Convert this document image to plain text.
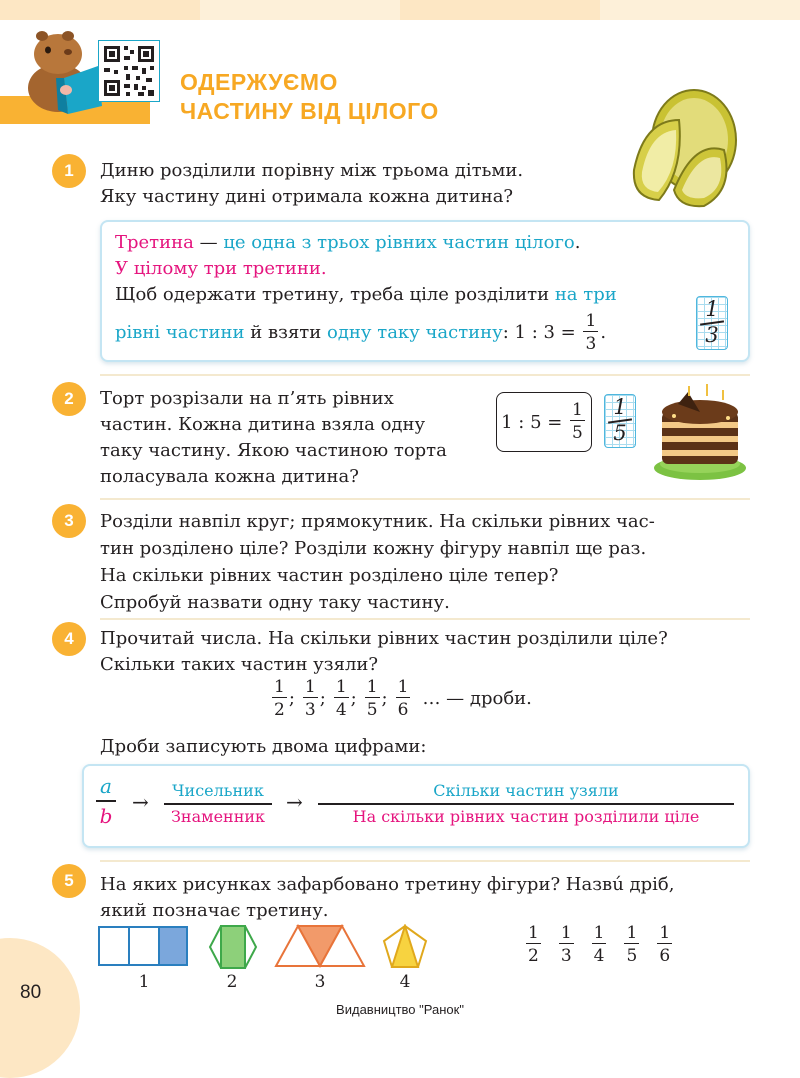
ОДЕРЖУЄМО
ЧАСТИНУ ВІД ЦІЛОГО
1	Диню розділили порівну між трьома дітьми.
Яку частину дині отримала кожна дитина?
Третина — це одна з трьох рівних частин цілого.
У цілому три третини.
Щоб одержати третину, треба ціле розділити на три
рівні частини й взяти одну таку частину : 1 : $3 = \frac{1}{3}$ .
1
3
2	Торт розрізали на п’ять рівних
частин. Кожна дитина взяла одну
таку частину. Якою частиною торта
поласувала кожна дитина?
1 : $5 = \frac{1}{5}$	1
5
3	Розділи навпіл круг; прямокутник. На скільки рівних час-
тин розділено ціле? Розділи кожну фігуру навпіл ще раз.
На скільки рівних частин розділено ціле тепер?
Спробуй назвати одну таку частину.
4	Прочитай числа. На скільки рівних частин розділили ціле?
Скільки таких частин узяли?
$\frac{1}{2}$ ; $\frac{1}{3}$ ; $\frac{1}{4}$ ; $\frac{1}{5}$ ; $\frac{1}{6}$ … — дроби.
Дроби записують двома цифрами:
a
b
→	Чисельник
Знаменник
→	Скільки частин узяли
На скільки рівних частин розділили ціле
5	На яких рисунках зафарбовано третину фігури? Назвú дріб,
який позначає третину.
1	2	3	4
$\frac{1}{2} \frac{1}{3} \frac{1}{4} \frac{1}{5} \frac{1}{6}$
80
Видавництво "Ранок"
